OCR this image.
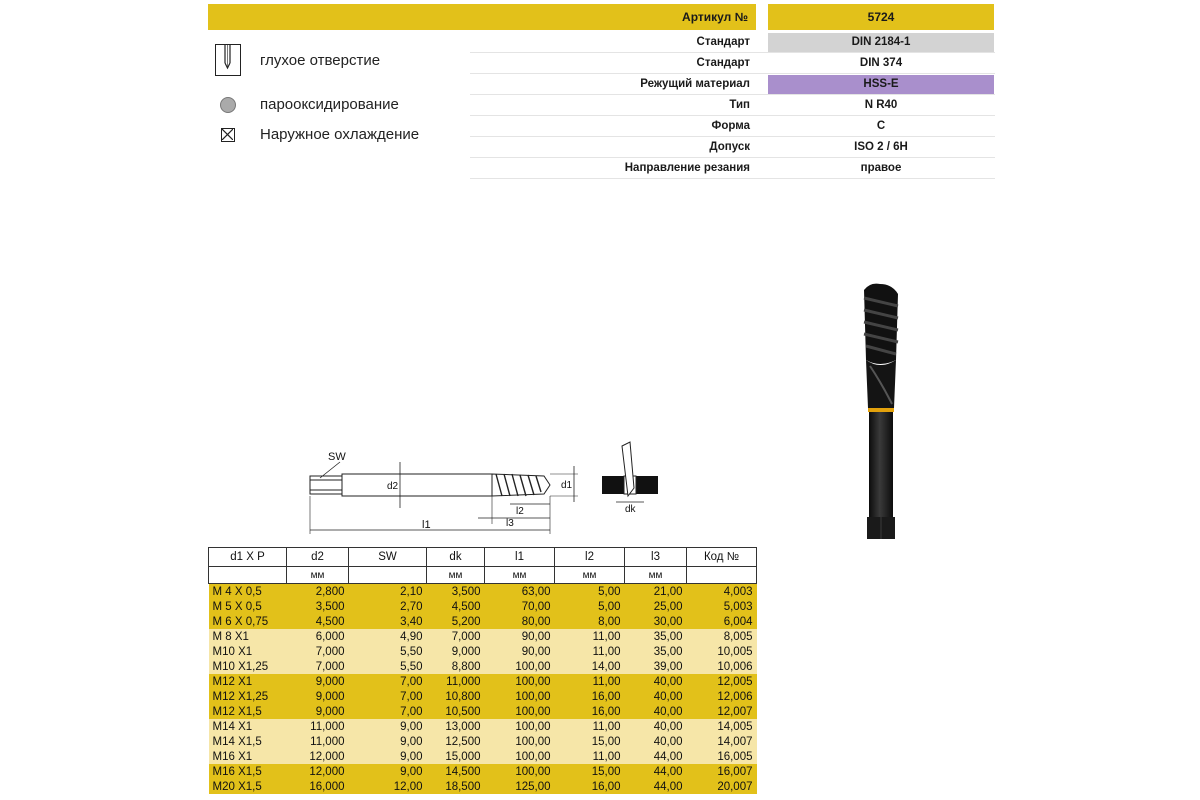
Артикул №	5724
глухое отверстие
пароокcидирование
Наружное охлаждение
Стандарт	DIN 2184-1
Стандарт	DIN 374
Режущий материал	HSS-E
Тип	N R40
Форма	C
Допуск	ISO 2 / 6H
Направление резания	правое
SW
d2	d1
l1
l2
l3
dk
d1 X P	d2	SW	dk	l1	l2	l3	Код №
	мм		мм	мм	мм	мм	
M 4 X 0,5	2,800	2,10	3,500	63,00	5,00	21,00	4,003
M 5 X 0,5	3,500	2,70	4,500	70,00	5,00	25,00	5,003
M 6 X 0,75	4,500	3,40	5,200	80,00	8,00	30,00	6,004
M 8 X1	6,000	4,90	7,000	90,00	11,00	35,00	8,005
M10 X1	7,000	5,50	9,000	90,00	11,00	35,00	10,005
M10 X1,25	7,000	5,50	8,800	100,00	14,00	39,00	10,006
M12 X1	9,000	7,00	11,000	100,00	11,00	40,00	12,005
M12 X1,25	9,000	7,00	10,800	100,00	16,00	40,00	12,006
M12 X1,5	9,000	7,00	10,500	100,00	16,00	40,00	12,007
M14 X1	11,000	9,00	13,000	100,00	11,00	40,00	14,005
M14 X1,5	11,000	9,00	12,500	100,00	15,00	40,00	14,007
M16 X1	12,000	9,00	15,000	100,00	11,00	44,00	16,005
M16 X1,5	12,000	9,00	14,500	100,00	15,00	44,00	16,007
M20 X1,5	16,000	12,00	18,500	125,00	16,00	44,00	20,007
